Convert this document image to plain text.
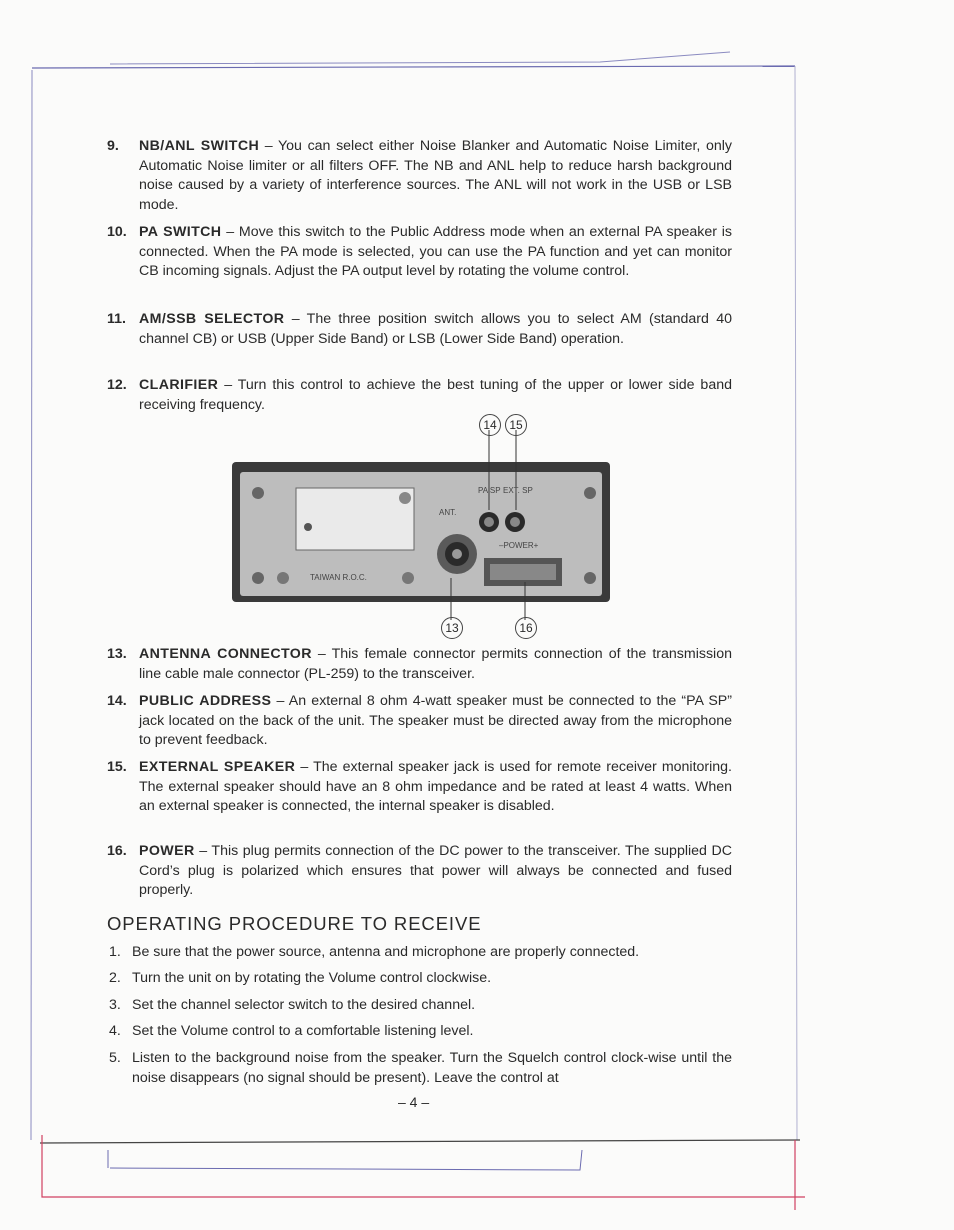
9.	NB/ANL SWITCH – You can select either Noise Blanker and Automatic Noise Limiter, only Automatic Noise limiter or all filters OFF. The NB and ANL help to reduce harsh background noise caused by a variety of interference sources. The ANL will not work in the USB or LSB mode.
10. PA SWITCH – Move this switch to the Public Address mode when an external PA speaker is connected. When the PA mode is selected, you can use the PA function and yet can monitor CB incoming signals. Adjust the PA output level by rotating the volume control.
11. AM/SSB SELECTOR – The three position switch allows you to select AM (standard 40 channel CB) or USB (Upper Side Band) or LSB (Lower Side Band) operation.
12. CLARIFIER – Turn this control to achieve the best tuning of the upper or lower side band receiving frequency.
14	15
13	16
PA SP EXT. SP
ANT.
–POWER+
TAIWAN R.O.C.
13. ANTENNA CONNECTOR – This female connector permits connection of the transmission line cable male connector (PL-259) to the transceiver.
14. PUBLIC ADDRESS – An external 8 ohm 4-watt speaker must be connected to the “PA SP” jack located on the back of the unit. The speaker must be directed away from the microphone to prevent feedback.
15. EXTERNAL SPEAKER – The external speaker jack is used for remote receiver monitoring. The external speaker should have an 8 ohm impedance and be rated at least 4 watts. When an external speaker is connected, the internal speaker is disabled.
16. POWER – This plug permits connection of the DC power to the transceiver. The supplied DC Cord’s plug is polarized which ensures that power will always be connected and fused properly.
OPERATING PROCEDURE TO RECEIVE
1. Be sure that the power source, antenna and microphone are properly connected.
2. Turn the unit on by rotating the Volume control clockwise.
3. Set the channel selector switch to the desired channel.
4. Set the Volume control to a comfortable listening level.
5. Listen to the background noise from the speaker. Turn the Squelch control clock-wise until the noise disappears (no signal should be present). Leave the control at
– 4 –
